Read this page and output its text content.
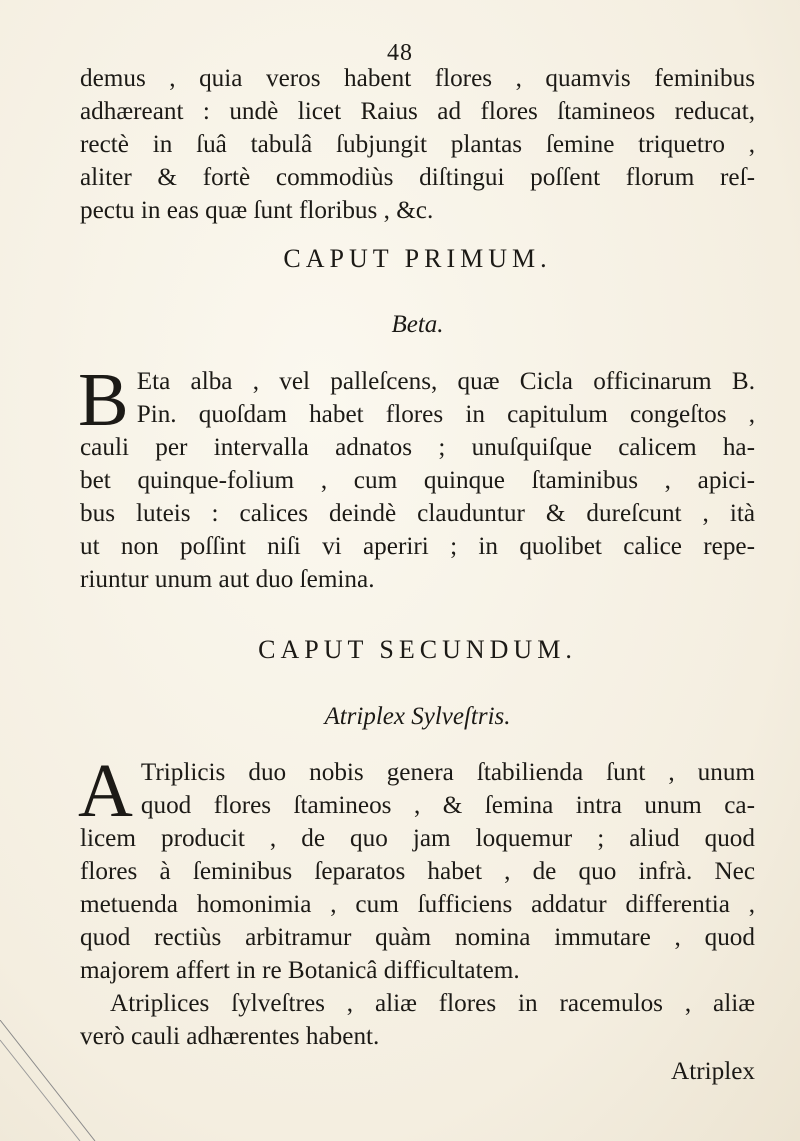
48
demus , quia veros habent flores , quamvis feminibus
adhæreant : undè licet Raius ad flores ſtamineos reducat,
rectè in ſuâ tabulâ ſubjungit plantas ſemine triquetro ,
aliter & fortè commodiùs diſtingui poſſent florum reſ-
pectu in eas quæ ſunt floribus , &c.
CAPUT PRIMUM.
Beta.
B Eta alba , vel palleſcens, quæ Cicla officinarum B.
Pin. quoſdam habet flores in capitulum congeſtos ,
cauli per intervalla adnatos ; unuſquiſque calicem ha-
bet quinque-folium , cum quinque ſtaminibus , apici-
bus luteis : calices deindè clauduntur & dureſcunt , ità
ut non poſſint niſi vi aperiri ; in quolibet calice repe-
riuntur unum aut duo ſemina.
CAPUT SECUNDUM.
Atriplex Sylveſtris.
A Triplicis duo nobis genera ſtabilienda ſunt , unum
quod flores ſtamineos , & ſemina intra unum ca-
licem producit , de quo jam loquemur ; aliud quod
flores à ſeminibus ſeparatos habet , de quo infrà. Nec
metuenda homonimia , cum ſufficiens addatur differentia ,
quod rectiùs arbitramur quàm nomina immutare , quod
majorem affert in re Botanicâ difficultatem.
Atriplices ſylveſtres , aliæ flores in racemulos , aliæ
verò cauli adhærentes habent.
Atriplex
